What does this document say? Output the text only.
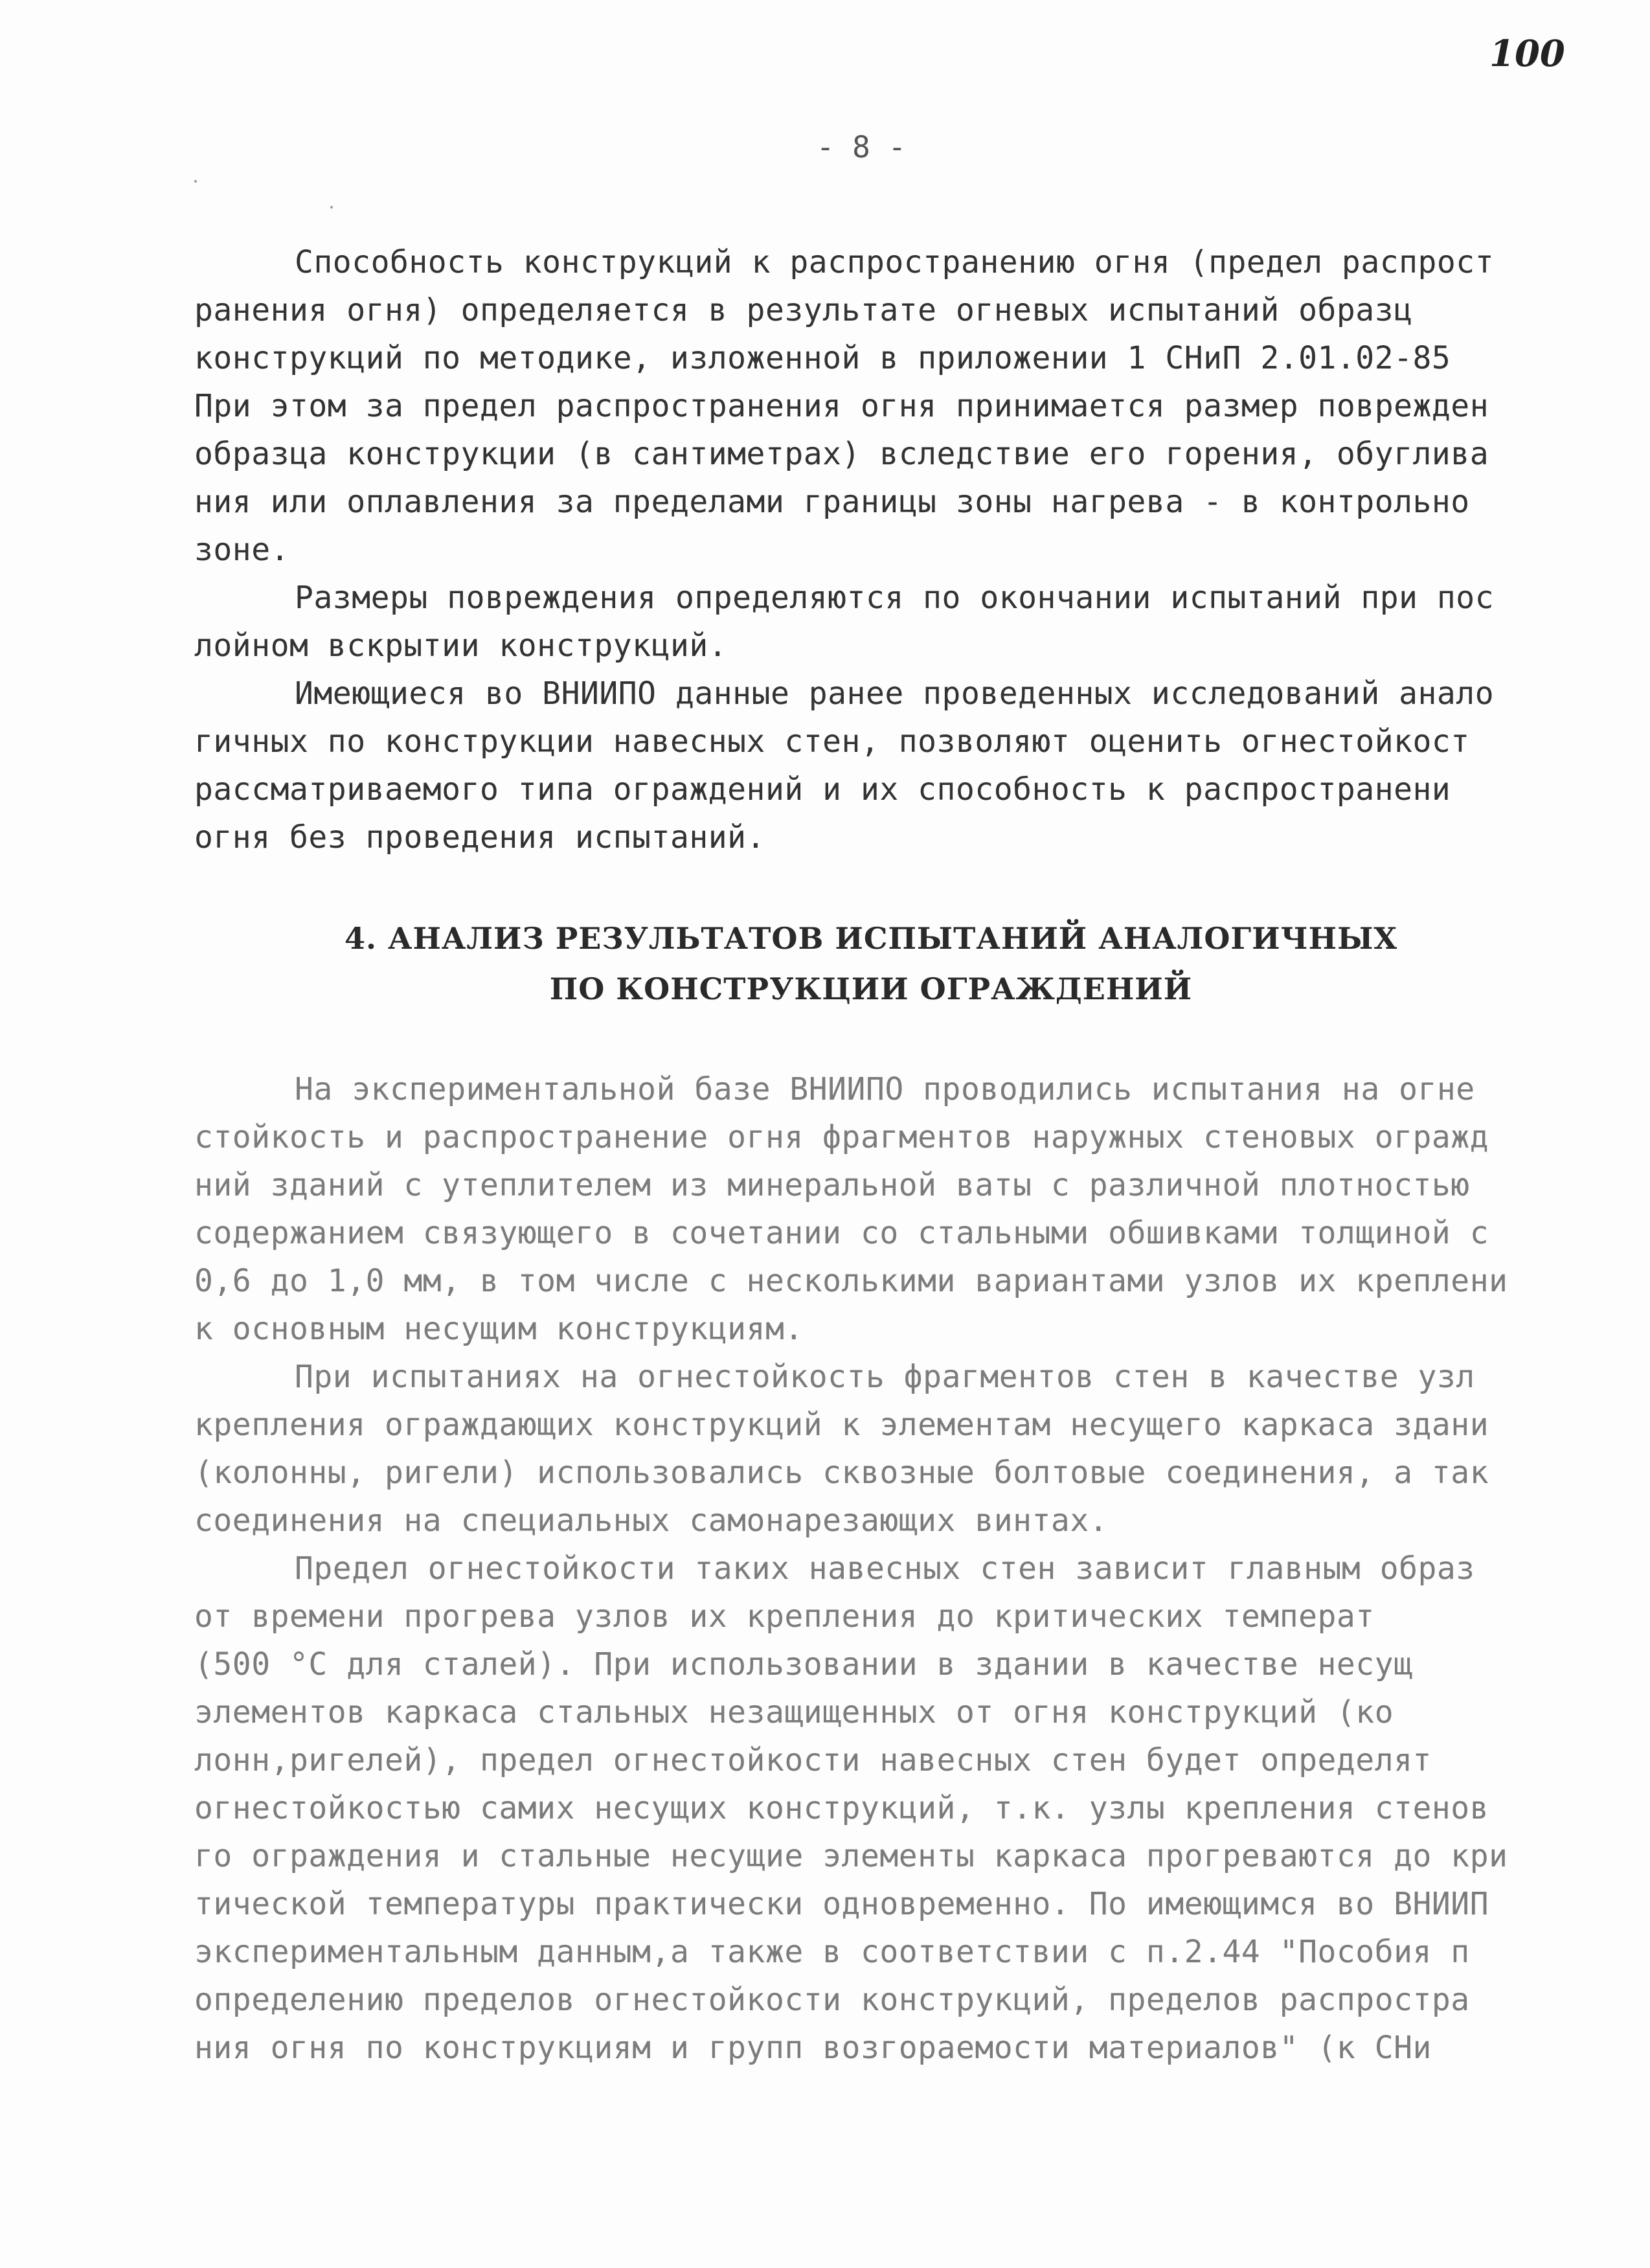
100
- 8 -
Способность конструкций к распространению огня (предел распрост
ранения огня) определяется в результате огневых испытаний образц
конструкций по методике, изложенной в приложении 1 СНиП 2.01.02-85
При этом за предел распространения огня принимается размер поврежден
образца конструкции (в сантиметрах) вследствие его горения, обуглива
ния или оплавления за пределами границы зоны нагрева - в контрольно
зоне.
Размеры повреждения определяются по окончании испытаний при пос
лойном вскрытии конструкций.
Имеющиеся во ВНИИПО данные ранее проведенных исследований анало
гичных по конструкции навесных стен, позволяют оценить огнестойкост
рассматриваемого типа ограждений и их способность к распространени
огня без проведения испытаний.
4. АНАЛИЗ РЕЗУЛЬТАТОВ ИСПЫТАНИЙ АНАЛОГИЧНЫХ
ПО КОНСТРУКЦИИ ОГРАЖДЕНИЙ
На экспериментальной базе ВНИИПО проводились испытания на огне
стойкость и распространение огня фрагментов наружных стеновых огражд
ний зданий с утеплителем из минеральной ваты с различной плотностью
содержанием связующего в сочетании со стальными обшивками толщиной с
0,6 до 1,0 мм, в том числе с несколькими вариантами узлов их креплени
к основным несущим конструкциям.
При испытаниях на огнестойкость фрагментов стен в качестве узл
крепления ограждающих конструкций к элементам несущего каркаса здани
(колонны, ригели) использовались сквозные болтовые соединения, а так
соединения на специальных самонарезающих винтах.
Предел огнестойкости таких навесных стен зависит главным образ
от времени прогрева узлов их крепления до критических температ
(500 °С для сталей). При использовании в здании в качестве несущ
элементов каркаса стальных незащищенных от огня конструкций (ко
лонн,ригелей), предел огнестойкости навесных стен будет определят
огнестойкостью самих несущих конструкций, т.к. узлы крепления стенов
го ограждения и стальные несущие элементы каркаса прогреваются до кри
тической температуры практически одновременно. По имеющимся во ВНИИП
экспериментальным данным,а также в соответствии с п.2.44 "Пособия п
определению пределов огнестойкости конструкций, пределов распростра
ния огня по конструкциям и групп возгораемости материалов" (к СНи
